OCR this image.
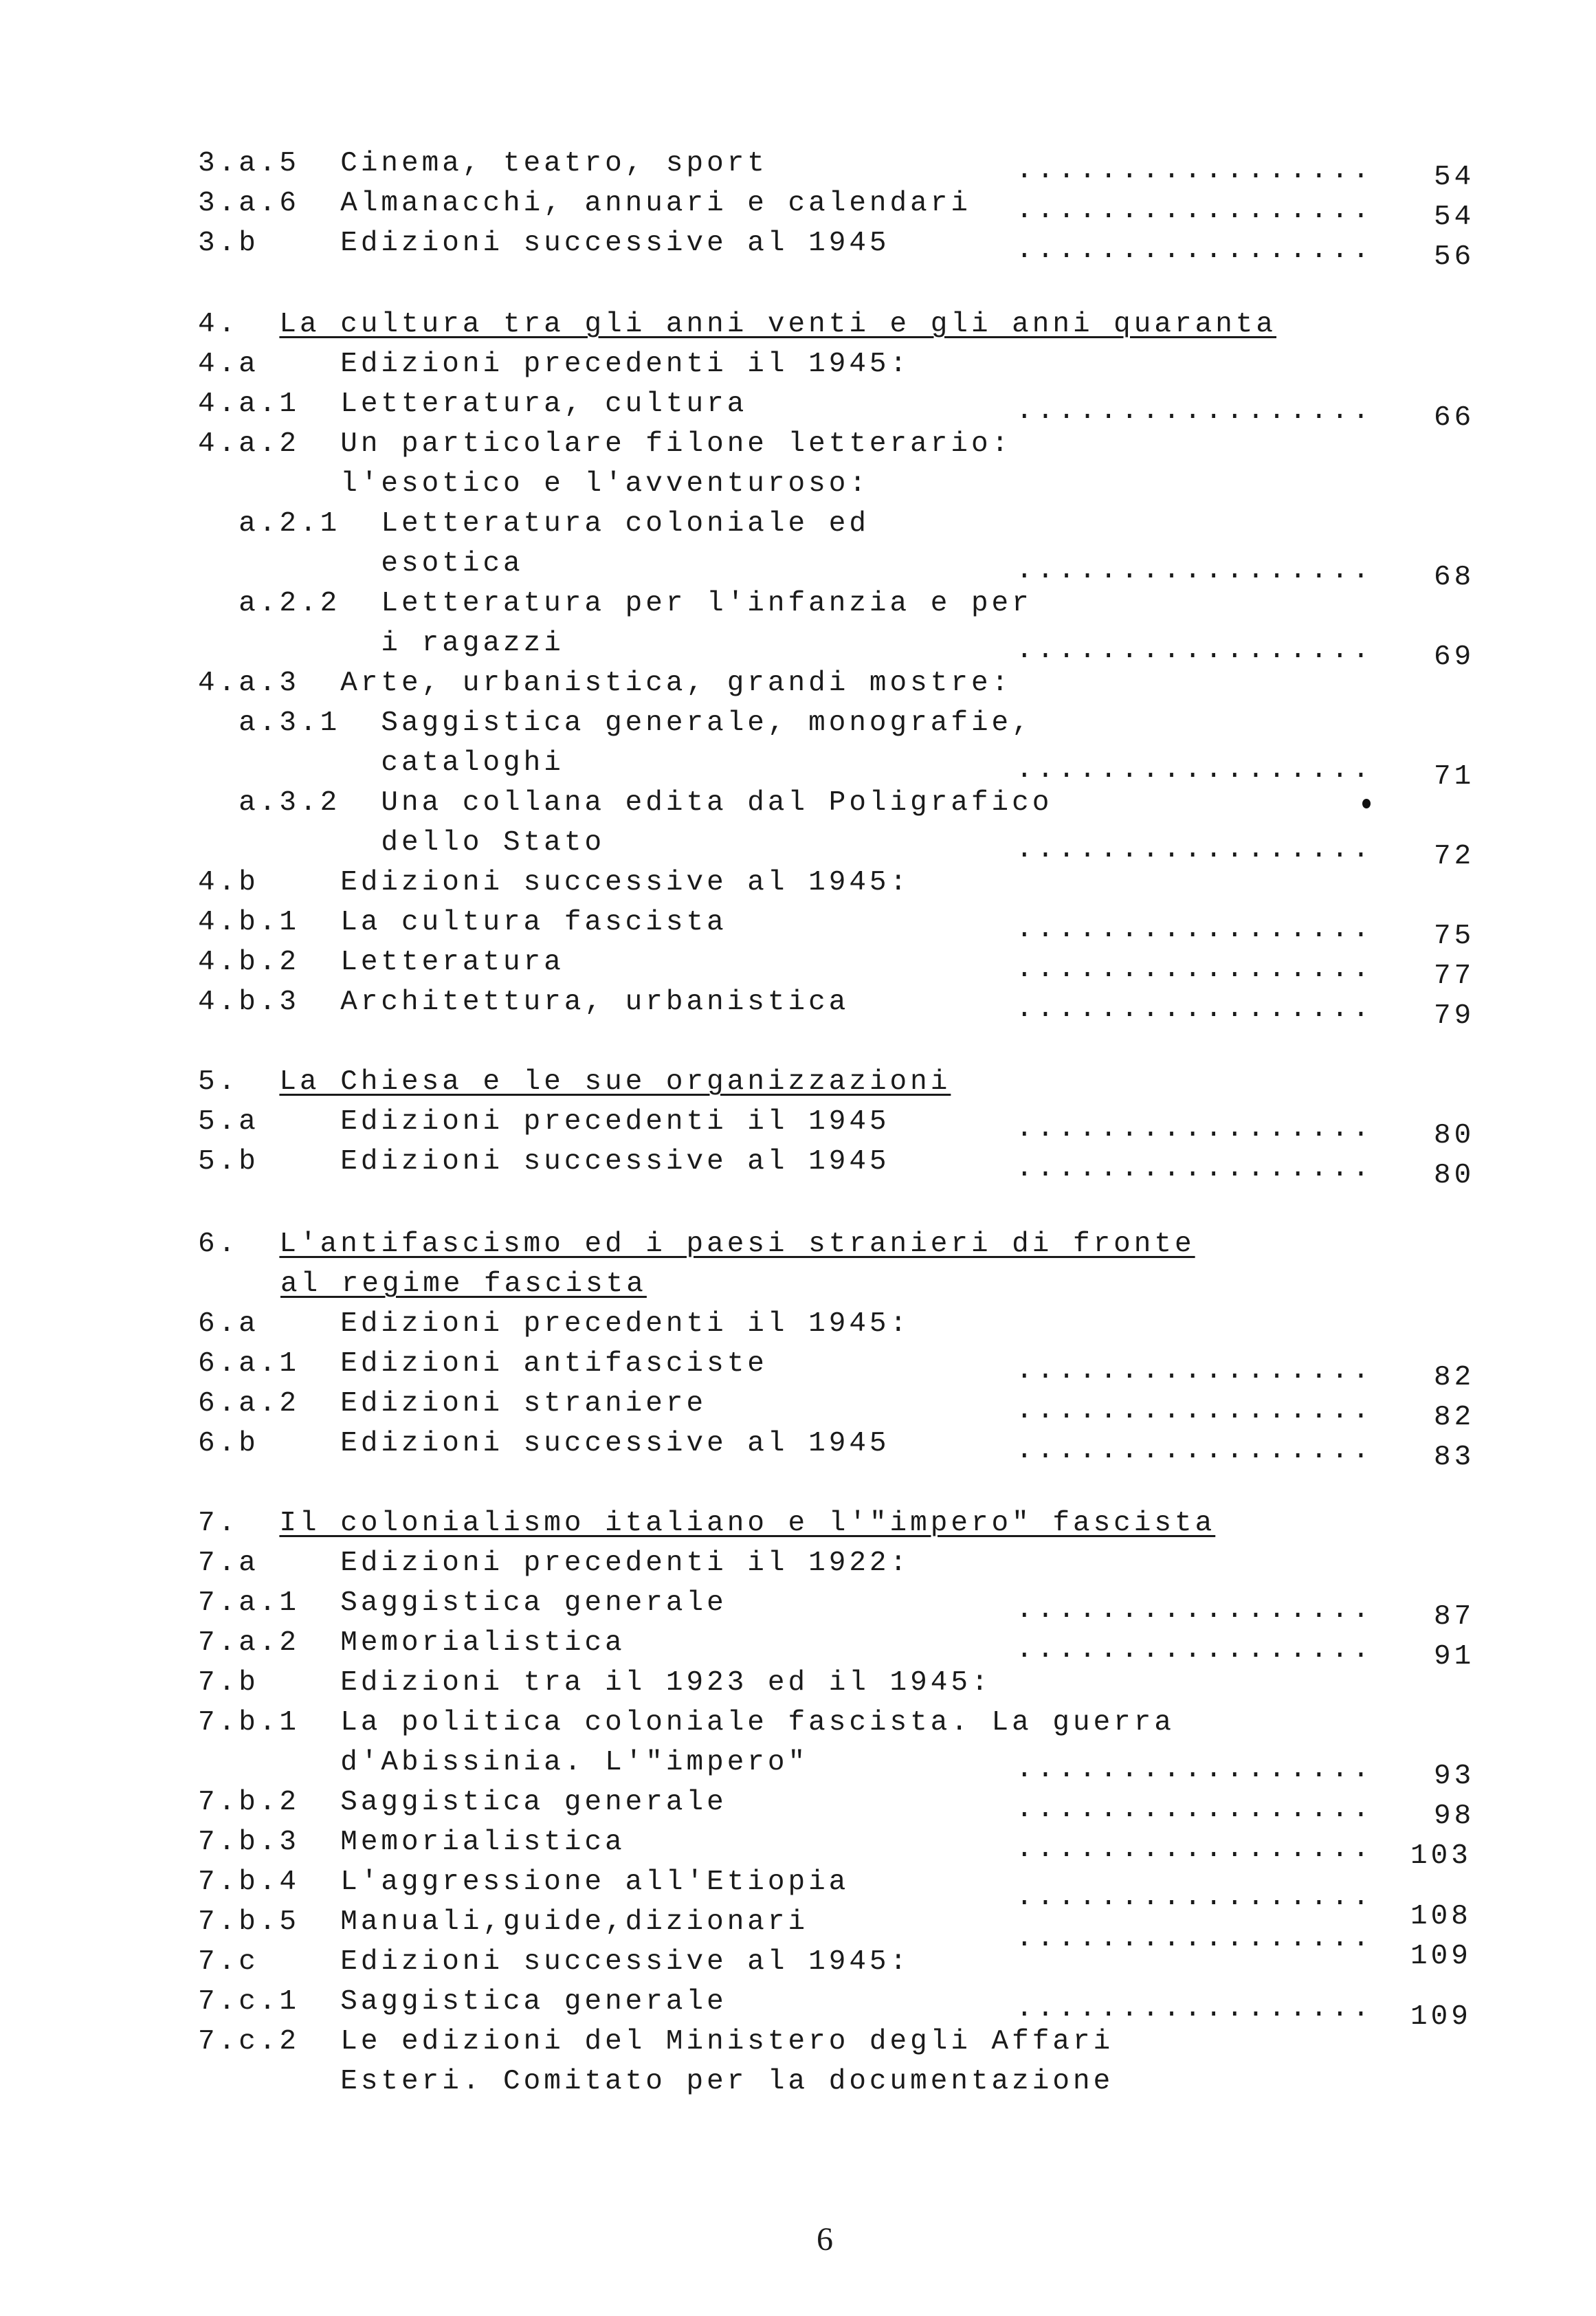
3.a.5  Cinema, teatro, sport
3.a.6  Almanacchi, annuari e calendari
3.b    Edizioni successive al 1945
4.  La cultura tra gli anni venti e gli anni quaranta
4.a    Edizioni precedenti il 1945:
4.a.1  Letteratura, cultura
4.a.2  Un particolare filone letterario:
l'esotico e l'avventuroso:
a.2.1  Letteratura coloniale ed
esotica
a.2.2  Letteratura per l'infanzia e per
i ragazzi
4.a.3  Arte, urbanistica, grandi mostre:
a.3.1  Saggistica generale, monografie,
cataloghi
a.3.2  Una collana edita dal Poligrafico
dello Stato
4.b    Edizioni successive al 1945:
4.b.1  La cultura fascista
4.b.2  Letteratura
4.b.3  Architettura, urbanistica
5.  La Chiesa e le sue organizzazioni
5.a    Edizioni precedenti il 1945
5.b    Edizioni successive al 1945
6.  L'antifascismo ed i paesi stranieri di fronte
al regime fascista
6.a    Edizioni precedenti il 1945:
6.a.1  Edizioni antifasciste
6.a.2  Edizioni straniere
6.b    Edizioni successive al 1945
7.  Il colonialismo italiano e l'"impero" fascista
7.a    Edizioni precedenti il 1922:
7.a.1  Saggistica generale
7.a.2  Memorialistica
7.b    Edizioni tra il 1923 ed il 1945:
7.b.1  La politica coloniale fascista. La guerra
d'Abissinia. L'"impero"
7.b.2  Saggistica generale
7.b.3  Memorialistica
7.b.4  L'aggressione all'Etiopia
7.b.5  Manuali,guide,dizionari
7.c    Edizioni successive al 1945:
7.c.1  Saggistica generale
7.c.2  Le edizioni del Ministero degli Affari
Esteri. Comitato per la documentazione
.................
.................
.................
.................
.................
.................
.................
.................
.................
.................
.................
.................
.................
.................
.................
.................
.................
.................
.................
.................
.................
.................
.................
.................
54
54
56
66
68
69
71
72
75
77
79
80
80
82
82
83
87
91
93
98
103
108
109
109
6
